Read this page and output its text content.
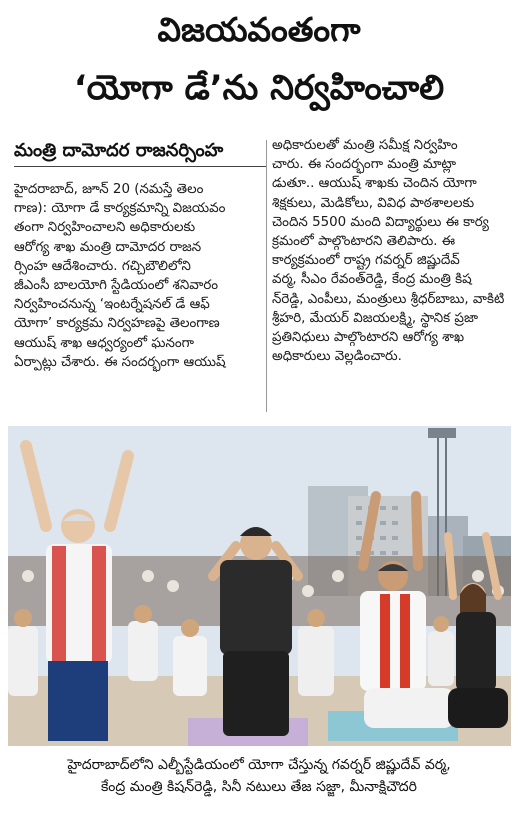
విజయవంతంగా
‘యోగా డే’ను నిర్వహించాలి
మంత్రి దామోదర రాజనర్సింహ
హైదరాబాద్, జూన్ 20 (నమస్తే తెలం
గాణ): యోగా డే కార్యక్రమాన్ని విజయవం
తంగా నిర్వహించాలని అధికారులకు
ఆరోగ్య శాఖ మంత్రి దామోదర రాజన
ర్సింహ ఆదేశించారు. గచ్చిబౌలిలోని
జీఎంసీ బాలయోగి స్టేడియంలో శనివారం
నిర్వహించనున్న ‘ఇంటర్నేషనల్ డే ఆఫ్
యోగా’ కార్యక్రమ నిర్వహణపై తెలంగాణ
ఆయుష్ శాఖ ఆధ్వర్యంలో ఘనంగా
ఏర్పాట్లు చేశారు. ఈ సందర్భంగా ఆయుష్
అధికారులతో మంత్రి సమీక్ష నిర్వహిం
చారు. ఈ సందర్భంగా మంత్రి మాట్లా
డుతూ.. ఆయుష్ శాఖకు చెందిన యోగా
శిక్షకులు, మెడికోలు, వివిధ పాఠశాలలకు
చెందిన 5500 మంది విద్యార్థులు ఈ కార్య
క్రమంలో పాల్గొంటారని తెలిపారు. ఈ
కార్యక్రమంలో రాష్ట్ర గవర్నర్ జిష్ణుదేవ్
వర్మ, సీఎం రేవంత్‌రెడ్డి, కేంద్ర మంత్రి కిష
న్‌రెడ్డి, ఎంపీలు, మంత్రులు శ్రీధర్‌బాబు, వాకిటి
శ్రీహరి, మేయర్ విజయలక్ష్మి, స్థానిక ప్రజా
ప్రతినిధులు పాల్గొంటారని ఆరోగ్య శాఖ
అధికారులు వెల్లడించారు.
హైదరాబాద్‌లోని ఎల్బీస్టేడియంలో యోగా చేస్తున్న గవర్నర్ జిష్ణుదేవ్ వర్మ,
కేంద్ర మంత్రి కిషన్‌రెడ్డి, సినీ నటులు తేజ సజ్జా, మీనాక్షిచౌదరి
